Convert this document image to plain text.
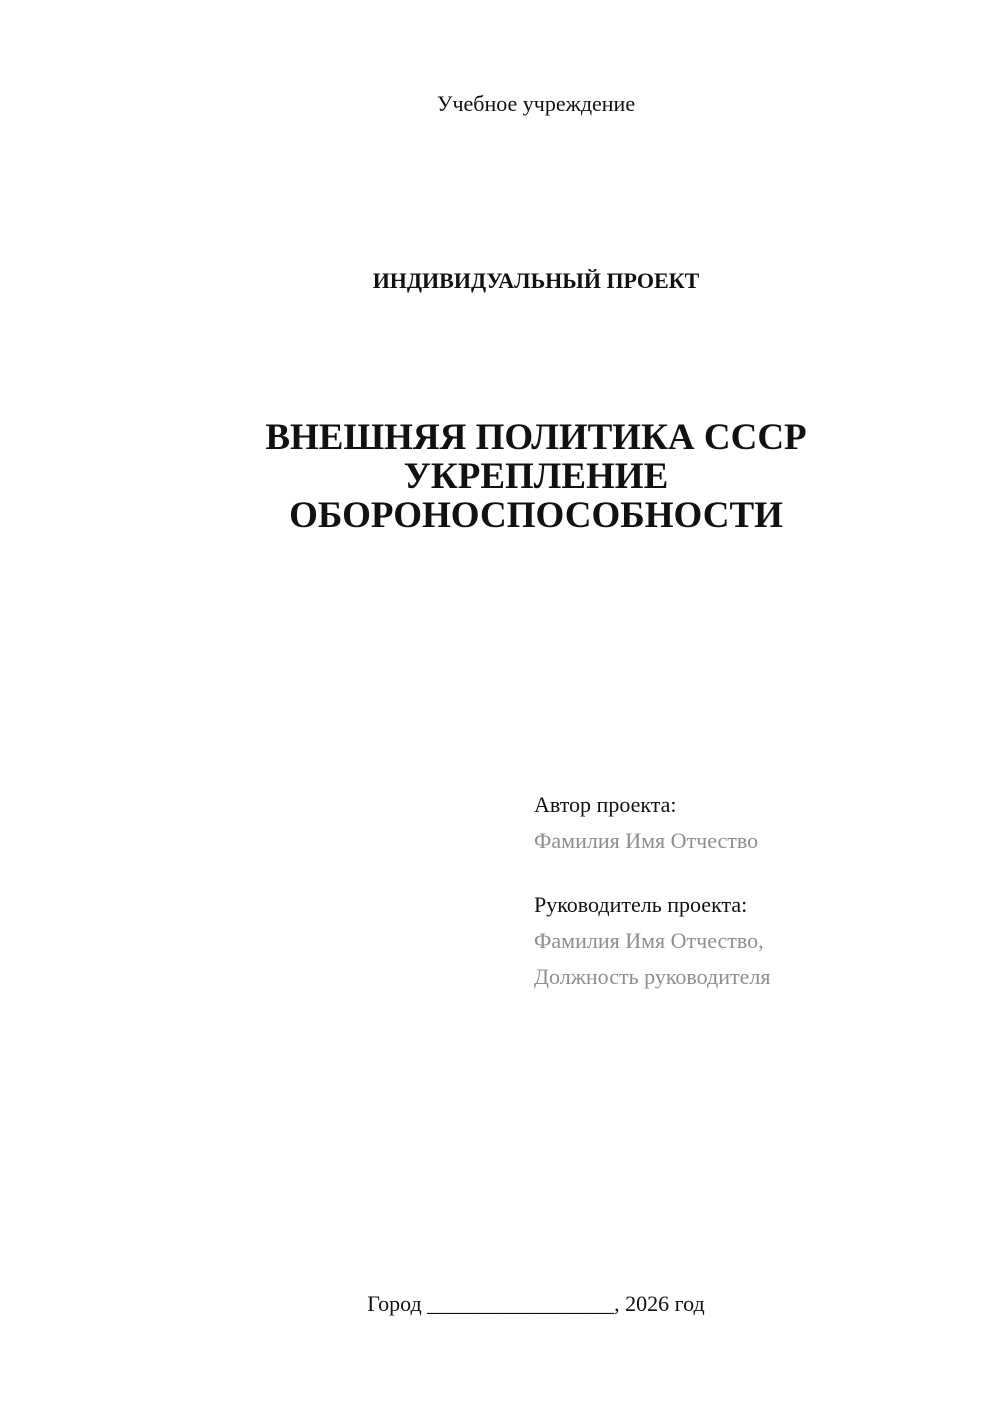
Учебное учреждение
ИНДИВИДУАЛЬНЫЙ ПРОЕКТ
ВНЕШНЯЯ ПОЛИТИКА СССР
УКРЕПЛЕНИЕ
ОБОРОНОСПОСОБНОСТИ
Автор проекта:
Фамилия Имя Отчество
Руководитель проекта:
Фамилия Имя Отчество,
Должность руководителя
Город _________________, 2026 год
